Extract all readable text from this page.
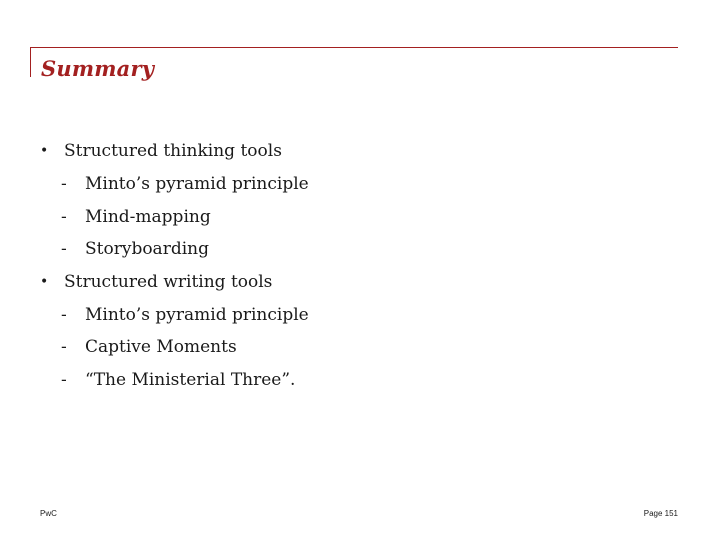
Summary
• Structured thinking tools
- Minto’s pyramid principle
- Mind-mapping
- Storyboarding
• Structured writing tools
- Minto’s pyramid principle
- Captive Moments
- “The Ministerial Three”.
PwC	Page 151
